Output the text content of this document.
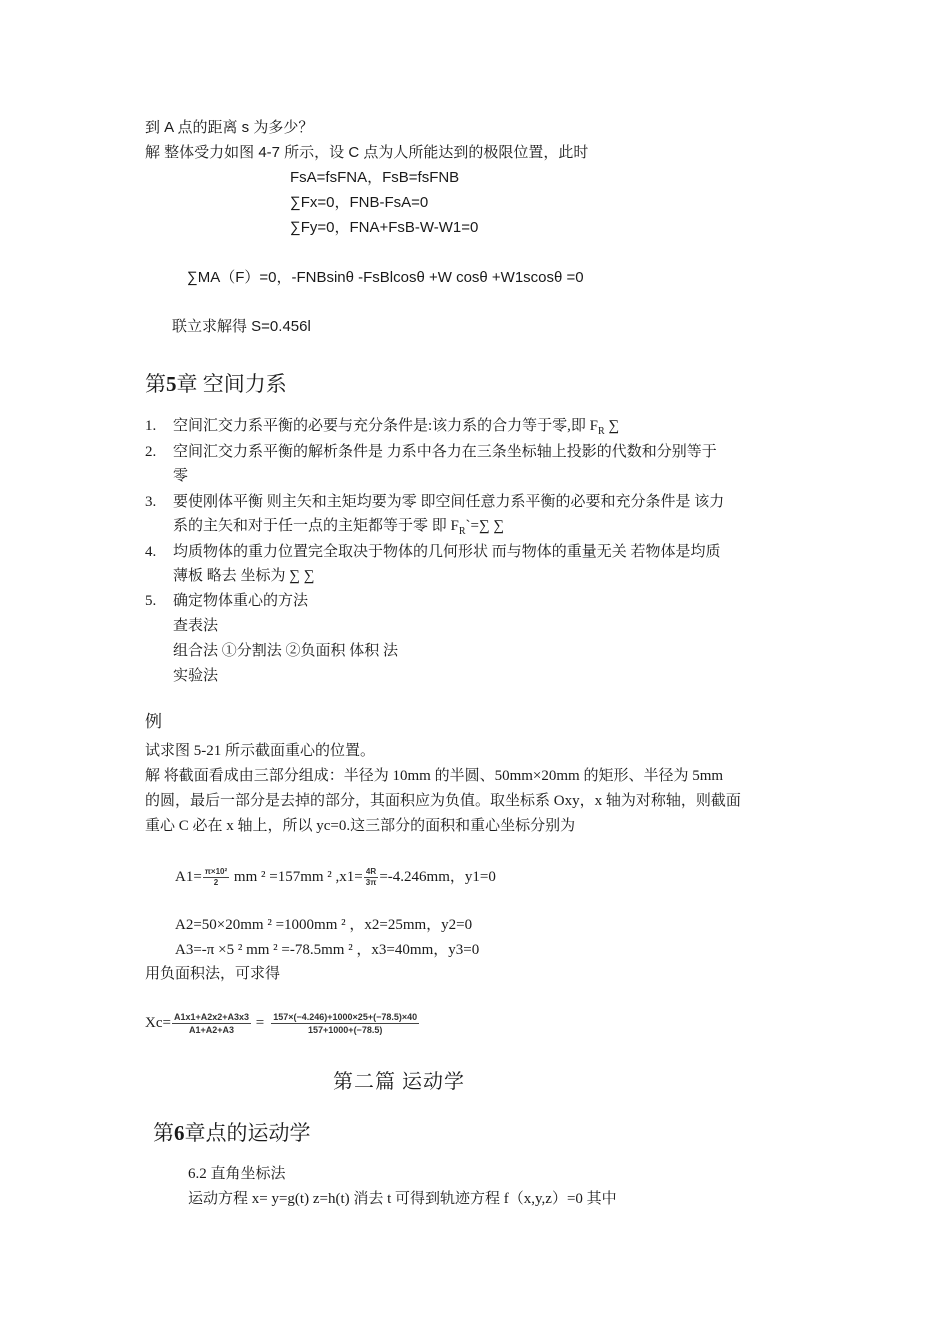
到 A 点的距离 s 为多少？
解 整体受力如图 4-7 所示，设 C 点为人所能达到的极限位置，此时
FsA=fsFNA，FsB=fsFNB
∑Fx=0，FNB-FsA=0
∑Fy=0，FNA+FsB-W-W1=0
∑MA（F）=0，-FNBsinθ -FsBlcosθ +W cosθ +W1scosθ =0
联立求解得 S=0.456l
第5章 空间力系
1. 空间汇交力系平衡的必要与充分条件是:该力系的合力等于零,即 $F_R$ ∑
2. 空间汇交力系平衡的解析条件是 力系中各力在三条坐标轴上投影的代数和分别等于
零
3. 要使刚体平衡 则主矢和主矩均要为零 即空间任意力系平衡的必要和充分条件是 该力
系的主矢和对于任一点的主矩都等于零 即 $F_R`=\sum$ ∑
4. 均质物体的重力位置完全取决于物体的几何形状 而与物体的重量无关 若物体是均质
薄板 略去 坐标为 ∑ ∑
5. 确定物体重心的方法
查表法
组合法 ①分割法 ②负面积 体积 法
实验法
例
试求图 5-21 所示截面重心的位置。
解 将截面看成由三部分组成：半径为 10mm 的半圆、50mm×20mm 的矩形、半径为 5mm
的圆，最后一部分是去掉的部分，其面积应为负值。取坐标系 Oxy，x 轴为对称轴，则截面
重心 C 必在 x 轴上，所以 yc=0.这三部分的面积和重心坐标分别为
$A1= \frac{\text{π×10²}}{2}$ mm ² =157mm ² $,x1= \frac{4R}{3\pi} =-4.246mm$，y1=0
A2=50×20mm ² =1000mm ² ，x2=25mm，y2=0
A3=-π ×5 ² mm ² =-78.5mm ² ，x3=40mm，y3=0
用负面积法，可求得
$Xc= \frac{A1x1+A2x2+A3x3}{A1+A2+A3} = \frac{157\times(-4.246)+1000\times 25+(-78.5)\times 40}{157+1000+(-78.5)}$
第二篇 运动学
第6章点的运动学
6.2 直角坐标法
运动方程 x= y=g(t) z=h(t) 消去 t 可得到轨迹方程 f（x,y,z）=0 其中
